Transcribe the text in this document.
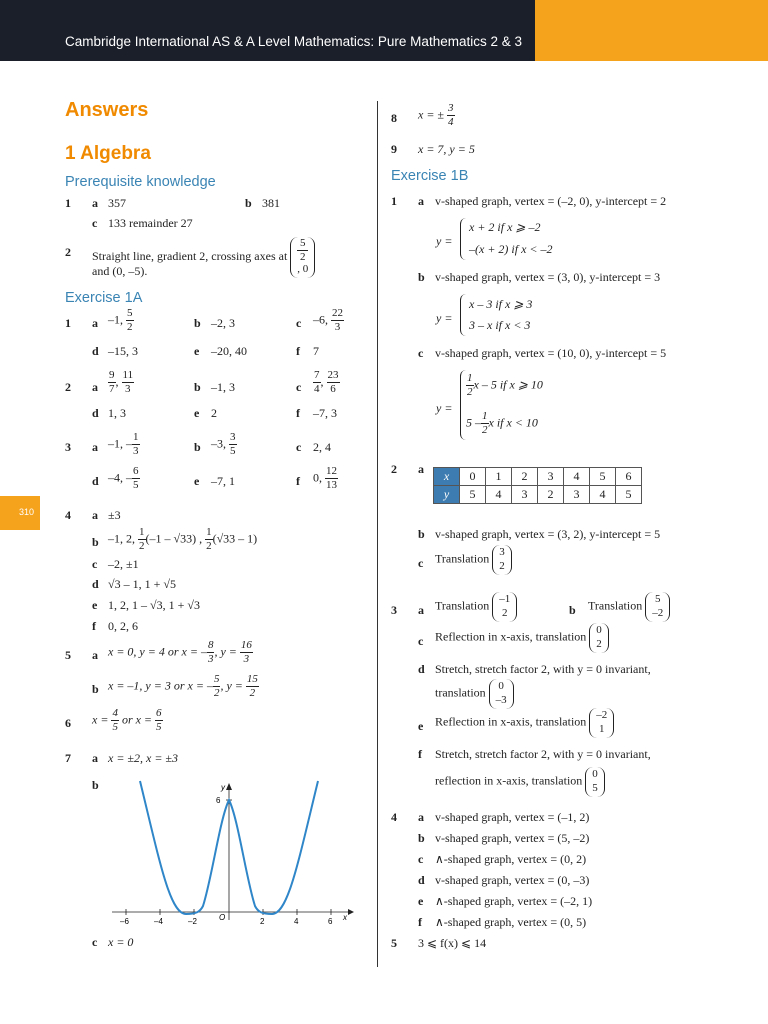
Cambridge International AS & A Level Mathematics: Pure Mathematics 2 & 3
310
Answers
1 Algebra
Prerequisite knowledge
1 a 357	b 381
c 133 remainder 27
2 Straight line, gradient 2, crossing axes at
5
2
, 0
and (0, –5).
Exercise 1A
1 a –1, $\frac{5}{2}$	b –2, 3	c –6, $\frac{22}{3}$
d –15, 3	e –20, 40	f 7
2 a $\frac{9}{7}$ , $\frac{11}{3}$	b –1, 3	c $\frac{7}{4}$ , $\frac{23}{6}$
d 1, 3	e 2	f –7, 3
3 a –1, – $\frac{1}{3}$	b –3, $\frac{3}{5}$	c 2, 4
d –4, – $\frac{6}{5}$	e –7, 1	f 0, $\frac{12}{13}$
4 a ±3
b –1, 2, $\frac{1}{2} (-1 - √33)$ , $\frac{1}{2} (√33 - 1)$
c –2, ±1
d √3 – 1, 1 + √5
e 1, 2, 1 – √3, 1 + √3
f 0, 2, 6
5 a x = 0, y = 4 or x = – $\frac{8}{3}$ , $y = \frac{16}{3}$
b x = –1, y = 3 or x = – $\frac{5}{2}$ , $y = \frac{15}{2}$
6 $x = \frac{4}{5}$ or $x = \frac{6}{5}$
7 a x = ±2, x = ±3
b	y
6
x
O
–6	–4	–2	2	4	6
c x = 0
8 x = ± $\frac{3}{4}$
9 x = 7, y = 5
Exercise 1B
1 a v-shaped graph, vertex = (–2, 0), y-intercept = 2
y =
x + 2 if x ⩾ –2
–(x + 2) if x < –2
b v-shaped graph, vertex = (3, 0), y-intercept = 3
y =
x – 3 if x ⩾ 3
3 – x if x < 3
c v-shaped graph, vertex = (10, 0), y-intercept = 5
y =
$\frac{1}{2}$ x – 5 if x ⩾ 10
$5 - \frac{1}{2}$ x if x < 10
2 a x	0	1	2	3	4	5	6
y	5	4	3	2	3	4	5
b v-shaped graph, vertex = (3, 2), y-intercept = 5
c Translation 3
2
3 a Translation –1
2	b Translation 5
–2
c Reflection in x-axis, translation 0
2
d Stretch, stretch factor 2, with y = 0 invariant,
translation 0
–3
e Reflection in x-axis, translation –2
1
f Stretch, stretch factor 2, with y = 0 invariant,
reflection in x-axis, translation 0
5
4 a v-shaped graph, vertex = (–1, 2)
b v-shaped graph, vertex = (5, –2)
c ∧-shaped graph, vertex = (0, 2)
d v-shaped graph, vertex = (0, –3)
e ∧-shaped graph, vertex = (–2, 1)
f ∧-shaped graph, vertex = (0, 5)
5 3 ⩽ f(x) ⩽ 14
